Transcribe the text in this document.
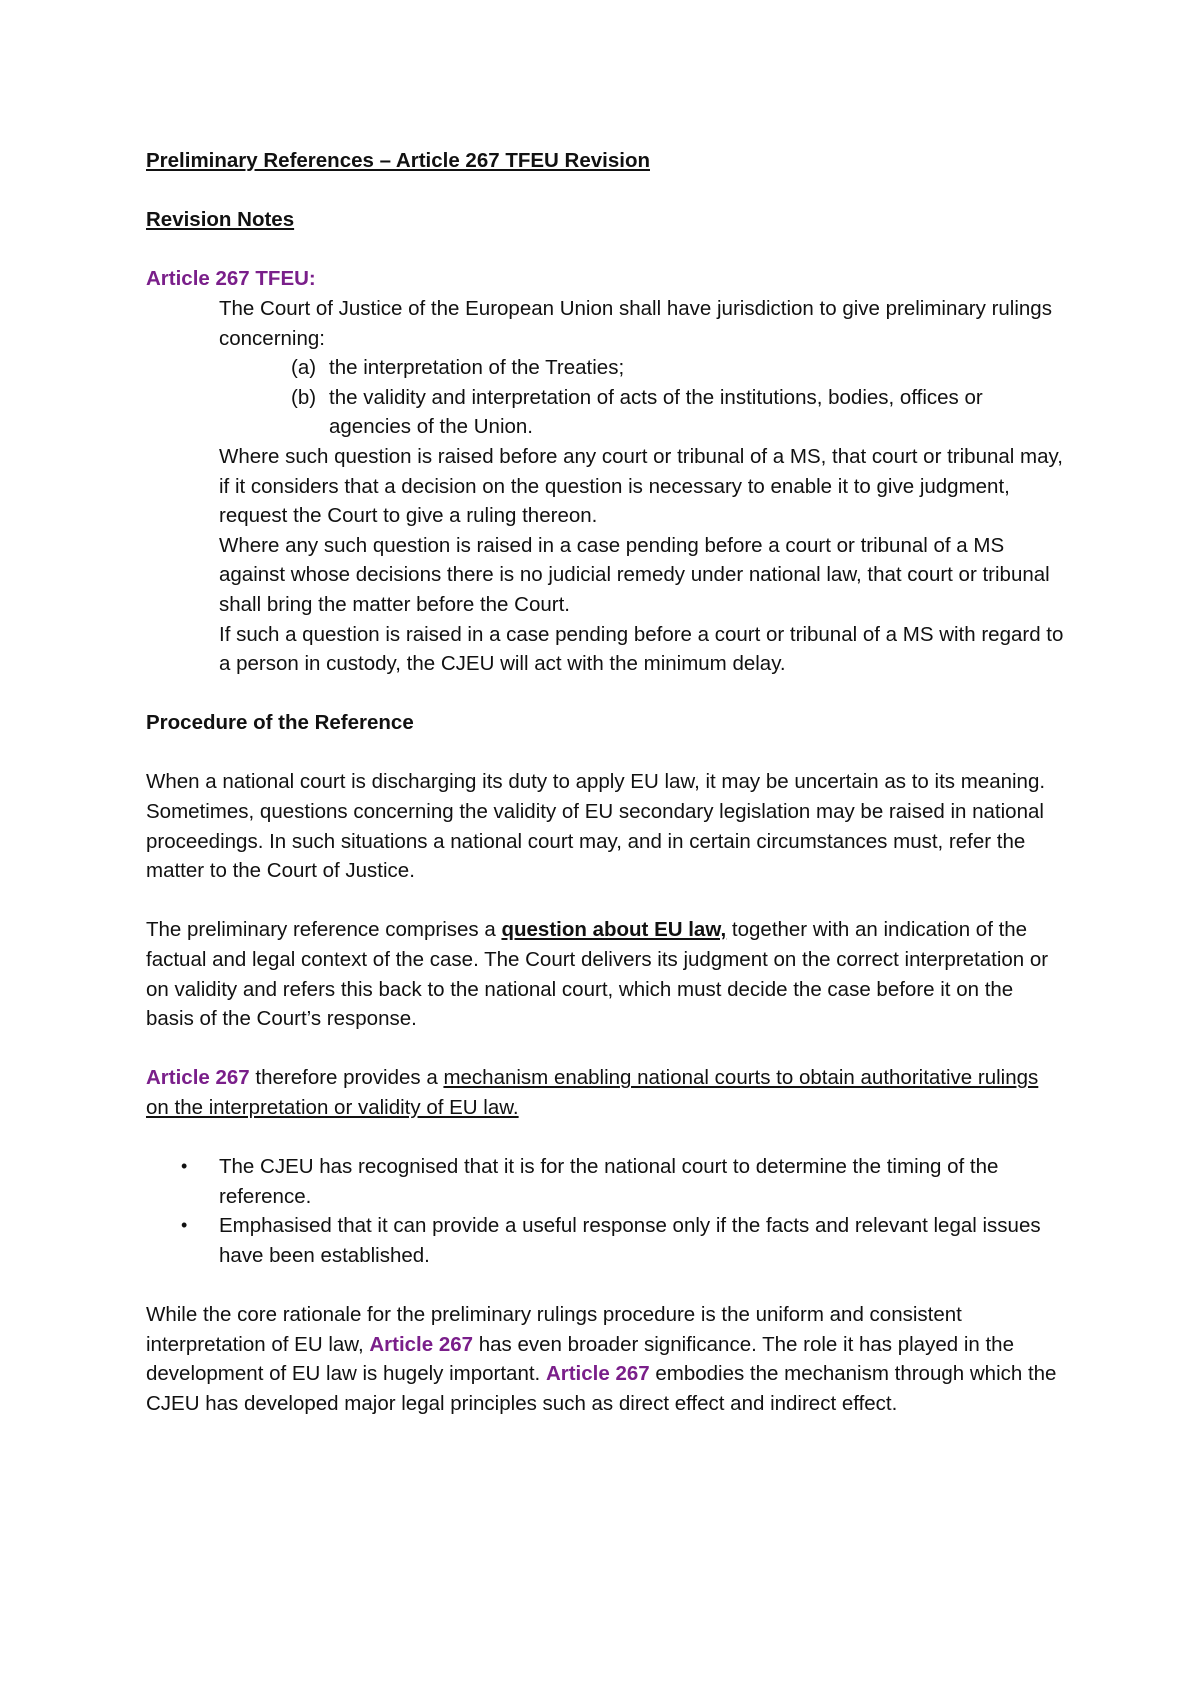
Preliminary References – Article 267 TFEU Revision
Revision Notes
Article 267 TFEU:
The Court of Justice of the European Union shall have jurisdiction to give preliminary rulings concerning:
(a) the interpretation of the Treaties;
(b) the validity and interpretation of acts of the institutions, bodies, offices or agencies of the Union.
Where such question is raised before any court or tribunal of a MS, that court or tribunal may, if it considers that a decision on the question is necessary to enable it to give judgment, request the Court to give a ruling thereon.
Where any such question is raised in a case pending before a court or tribunal of a MS against whose decisions there is no judicial remedy under national law, that court or tribunal shall bring the matter before the Court.
If such a question is raised in a case pending before a court or tribunal of a MS with regard to a person in custody, the CJEU will act with the minimum delay.
Procedure of the Reference
When a national court is discharging its duty to apply EU law, it may be uncertain as to its meaning. Sometimes, questions concerning the validity of EU secondary legislation may be raised in national proceedings. In such situations a national court may, and in certain circumstances must, refer the matter to the Court of Justice.
The preliminary reference comprises a question about EU law, together with an indication of the factual and legal context of the case. The Court delivers its judgment on the correct interpretation or on validity and refers this back to the national court, which must decide the case before it on the basis of the Court’s response.
Article 267 therefore provides a mechanism enabling national courts to obtain authoritative rulings on the interpretation or validity of EU law.
•	The CJEU has recognised that it is for the national court to determine the timing of the reference.
•	Emphasised that it can provide a useful response only if the facts and relevant legal issues have been established.
While the core rationale for the preliminary rulings procedure is the uniform and consistent interpretation of EU law, Article 267 has even broader significance. The role it has played in the development of EU law is hugely important. Article 267 embodies the mechanism through which the CJEU has developed major legal principles such as direct effect and indirect effect.
